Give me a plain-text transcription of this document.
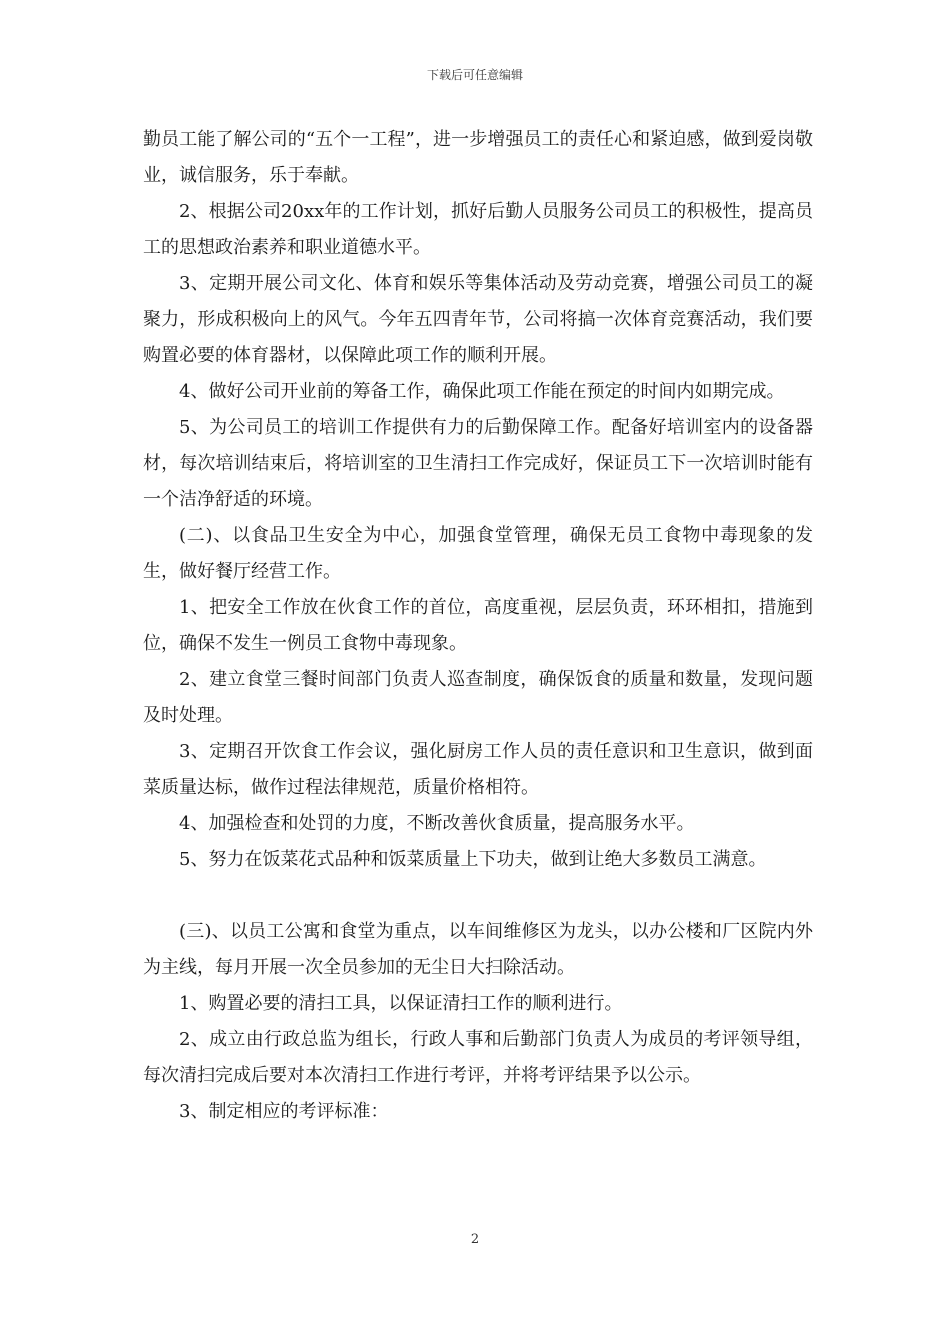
下载后可任意编辑

勤员工能了解公司的“五个一工程”，进一步增强员工的责任心和紧迫感，做到爱岗敬业，诚信服务，乐于奉献。

2、根据公司20xx年的工作计划，抓好后勤人员服务公司员工的积极性，提高员工的思想政治素养和职业道德水平。

3、定期开展公司文化、体育和娱乐等集体活动及劳动竞赛，增强公司员工的凝聚力，形成积极向上的风气。今年五四青年节，公司将搞一次体育竞赛活动，我们要购置必要的体育器材，以保障此项工作的顺利开展。

4、做好公司开业前的筹备工作，确保此项工作能在预定的时间内如期完成。

5、为公司员工的培训工作提供有力的后勤保障工作。配备好培训室内的设备器材，每次培训结束后，将培训室的卫生清扫工作完成好，保证员工下一次培训时能有一个洁净舒适的环境。

(二)、以食品卫生安全为中心，加强食堂管理，确保无员工食物中毒现象的发生，做好餐厅经营工作。

1、把安全工作放在伙食工作的首位，高度重视，层层负责，环环相扣，措施到位，确保不发生一例员工食物中毒现象。

2、建立食堂三餐时间部门负责人巡查制度，确保饭食的质量和数量，发现问题及时处理。

3、定期召开饮食工作会议，强化厨房工作人员的责任意识和卫生意识，做到面菜质量达标，做作过程法律规范，质量价格相符。

4、加强检查和处罚的力度，不断改善伙食质量，提高服务水平。

5、努力在饭菜花式品种和饭菜质量上下功夫，做到让绝大多数员工满意。

(三)、以员工公寓和食堂为重点，以车间维修区为龙头，以办公楼和厂区院内外为主线，每月开展一次全员参加的无尘日大扫除活动。

1、购置必要的清扫工具，以保证清扫工作的顺利进行。

2、成立由行政总监为组长，行政人事和后勤部门负责人为成员的考评领导组，每次清扫完成后要对本次清扫工作进行考评，并将考评结果予以公示。

3、制定相应的考评标准：

2
